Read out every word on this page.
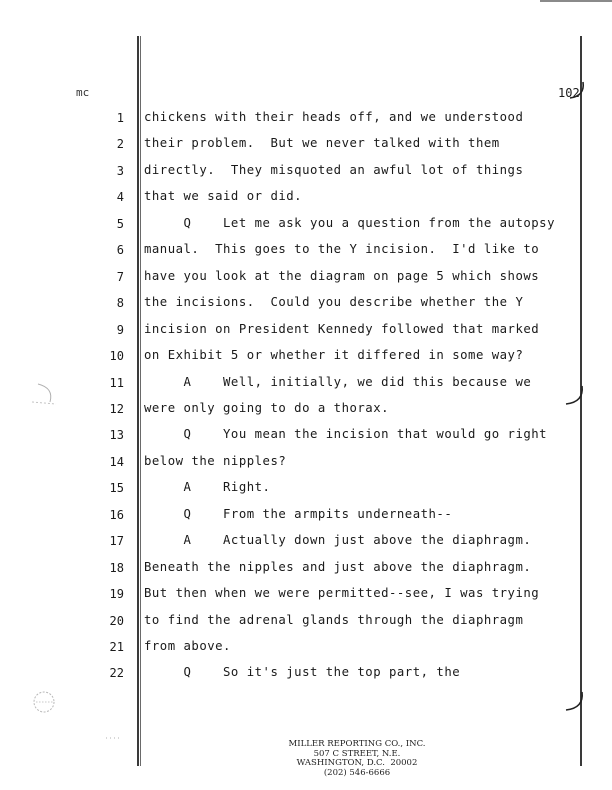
mc	102
1 chickens with their heads off, and we understood
2 their problem.  But we never talked with them
3 directly.  They misquoted an awful lot of things
4 that we said or did.
5 Q    Let me ask you a question from the autopsy
6 manual.  This goes to the Y incision.  I'd like to
7 have you look at the diagram on page 5 which shows
8 the incisions.  Could you describe whether the Y
9 incision on President Kennedy followed that marked
10 on Exhibit 5 or whether it differed in some way?
11 A    Well, initially, we did this because we
12 were only going to do a thorax.
13 Q    You mean the incision that would go right
14 below the nipples?
15 A    Right.
16 Q    From the armpits underneath--
17 A    Actually down just above the diaphragm.
18 Beneath the nipples and just above the diaphragm.
19 But then when we were permitted--see, I was trying
20 to find the adrenal glands through the diaphragm
21 from above.
22 Q    So it's just the top part, the
MILLER REPORTING CO., INC.
507 C STREET, N.E.
WASHINGTON, D.C.  20002
(202) 546-6666
